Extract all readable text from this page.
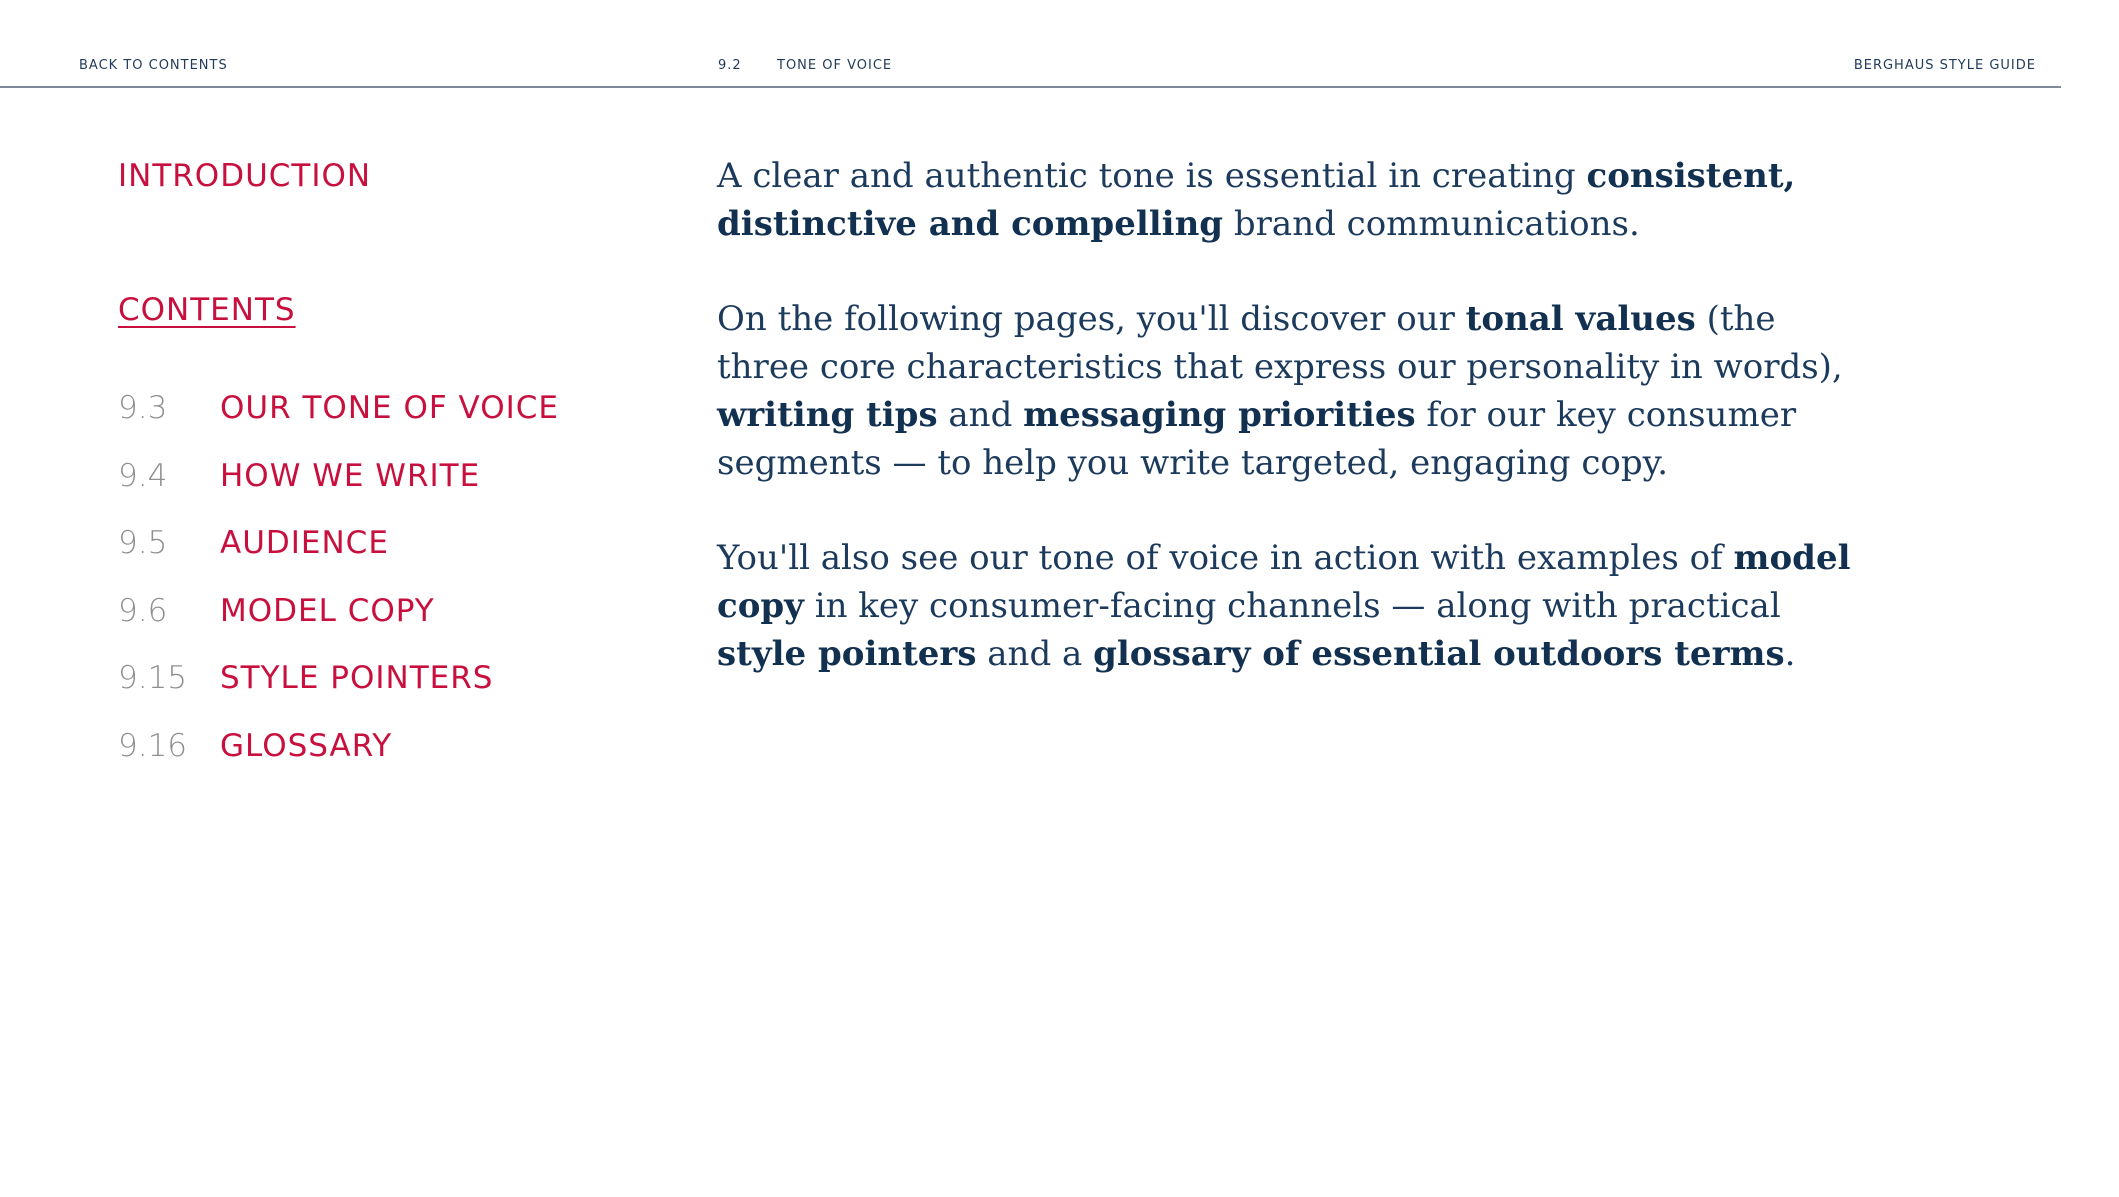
BACK TO CONTENTS	9.2	TONE OF VOICE	BERGHAUS STYLE GUIDE
INTRODUCTION
CONTENTS
9.3 OUR TONE OF VOICE
9.4 HOW WE WRITE
9.5 AUDIENCE
9.6 MODEL COPY
9.15 STYLE POINTERS
9.16 GLOSSARY

A clear and authentic tone is essential in creating consistent, distinctive and compelling brand communications.

On the following pages, you'll discover our tonal values (the three core characteristics that express our personality in words), writing tips and messaging priorities for our key consumer segments — to help you write targeted, engaging copy.

You'll also see our tone of voice in action with examples of model copy in key consumer-facing channels — along with practical style pointers and a glossary of essential outdoors terms.
